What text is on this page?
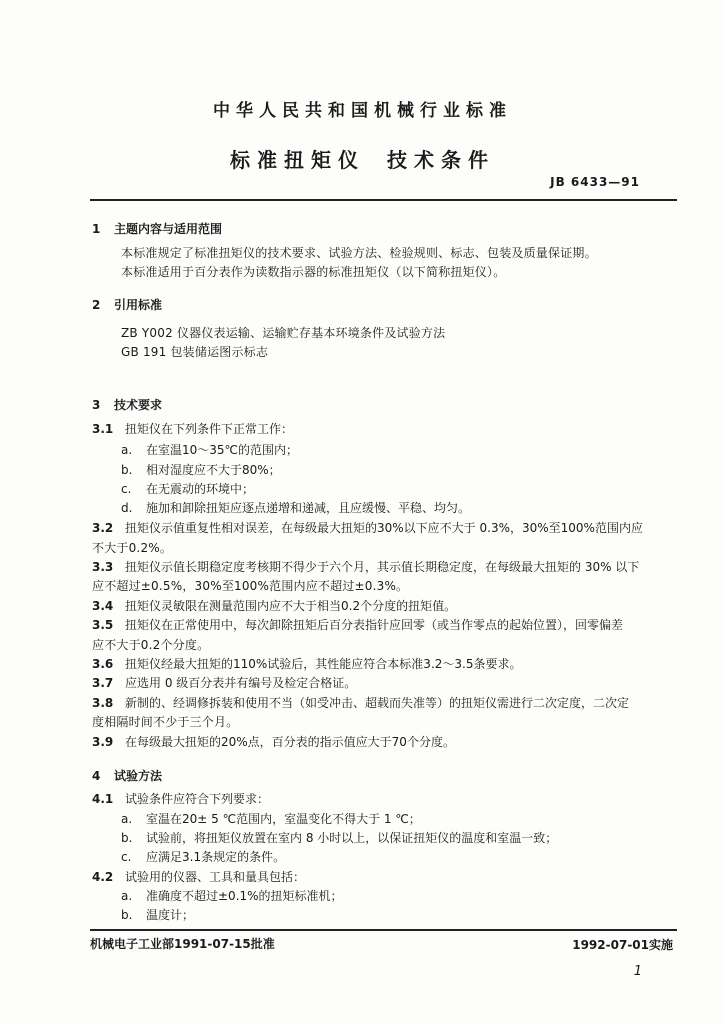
中华人民共和国机械行业标准
标准扭矩仪 技术条件
JB 6433—91
1 主题内容与适用范围
本标准规定了标准扭矩仪的技术要求、试验方法、检验规则、标志、包装及质量保证期。
本标准适用于百分表作为读数指示器的标准扭矩仪（以下简称扭矩仪）。
2 引用标准
ZB Y002 仪器仪表运输、运输贮存基本环境条件及试验方法
GB 191 包装储运图示标志
3 技术要求
3.1 扭矩仪在下列条件下正常工作：
a. 在室温10～35℃的范围内；
b. 相对湿度应不大于80%；
c. 在无震动的环境中；
d. 施加和卸除扭矩应逐点递增和递减，且应缓慢、平稳、均匀。
3.2 扭矩仪示值重复性相对误差，在每级最大扭矩的30%以下应不大于 0.3%，30%至100%范围内应
不大于0.2%。
3.3 扭矩仪示值长期稳定度考核期不得少于六个月，其示值长期稳定度，在每级最大扭矩的 30% 以下
应不超过±0.5%，30%至100%范围内应不超过±0.3%。
3.4 扭矩仪灵敏限在测量范围内应不大于相当0.2个分度的扭矩值。
3.5 扭矩仪在正常使用中，每次卸除扭矩后百分表指针应回零（或当作零点的起始位置），回零偏差
应不大于0.2个分度。
3.6 扭矩仪经最大扭矩的110%试验后，其性能应符合本标准3.2～3.5条要求。
3.7 应选用 0 级百分表并有编号及检定合格证。
3.8 新制的、经调修拆装和使用不当（如受冲击、超载而失准等）的扭矩仪需进行二次定度，二次定
度相隔时间不少于三个月。
3.9 在每级最大扭矩的20%点，百分表的指示值应大于70个分度。
4 试验方法
4.1 试验条件应符合下列要求：
a. 室温在20± 5 ℃范围内，室温变化不得大于 1 ℃；
b. 试验前，将扭矩仪放置在室内 8 小时以上，以保证扭矩仪的温度和室温一致；
c. 应满足3.1条规定的条件。
4.2 试验用的仪器、工具和量具包括：
a. 准确度不超过±0.1%的扭矩标准机；
b. 温度计；
机械电子工业部1991-07-15批准	1992-07-01实施
1
